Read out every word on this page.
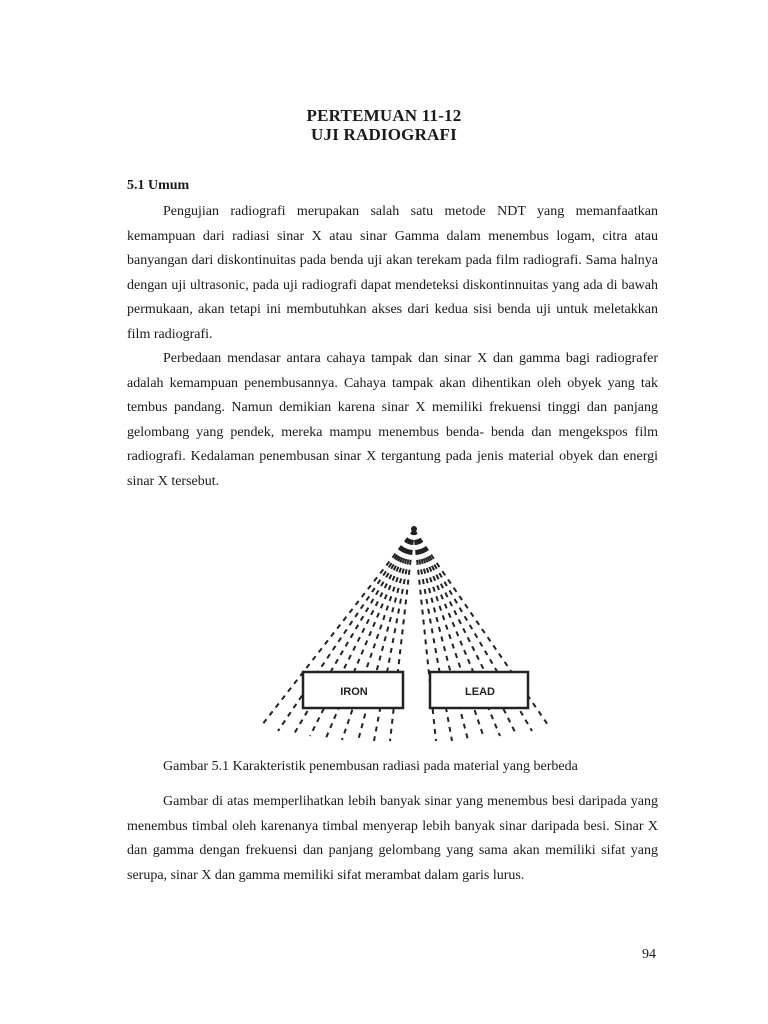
PERTEMUAN 11-12
UJI RADIOGRAFI
5.1 Umum

Pengujian radiografi merupakan salah satu metode NDT yang memanfaatkan kemampuan dari radiasi sinar X atau sinar Gamma dalam menembus logam, citra atau banyangan dari diskontinuitas pada benda uji akan terekam pada film radiografi. Sama halnya dengan uji ultrasonic, pada uji radiografi dapat mendeteksi diskontinnuitas yang ada di bawah permukaan, akan tetapi ini membutuhkan akses dari kedua sisi benda uji untuk meletakkan film radiografi.

Perbedaan mendasar antara cahaya tampak dan sinar X dan gamma bagi radiografer adalah kemampuan penembusannya. Cahaya tampak akan dihentikan oleh obyek yang tak tembus pandang. Namun demikian karena sinar X memiliki frekuensi tinggi dan panjang gelombang yang pendek, mereka mampu menembus benda- benda dan mengekspos film radiografi. Kedalaman penembusan sinar X tergantung pada jenis material obyek dan energi sinar X tersebut.

IRON	LEAD
Gambar 5.1 Karakteristik penembusan radiasi pada material yang berbeda

Gambar di atas memperlihatkan lebih banyak sinar yang menembus besi daripada yang menembus timbal oleh karenanya timbal menyerap lebih banyak sinar daripada besi. Sinar X dan gamma dengan frekuensi dan panjang gelombang yang sama akan memiliki sifat yang serupa, sinar X dan gamma memiliki sifat merambat dalam garis lurus.

94
